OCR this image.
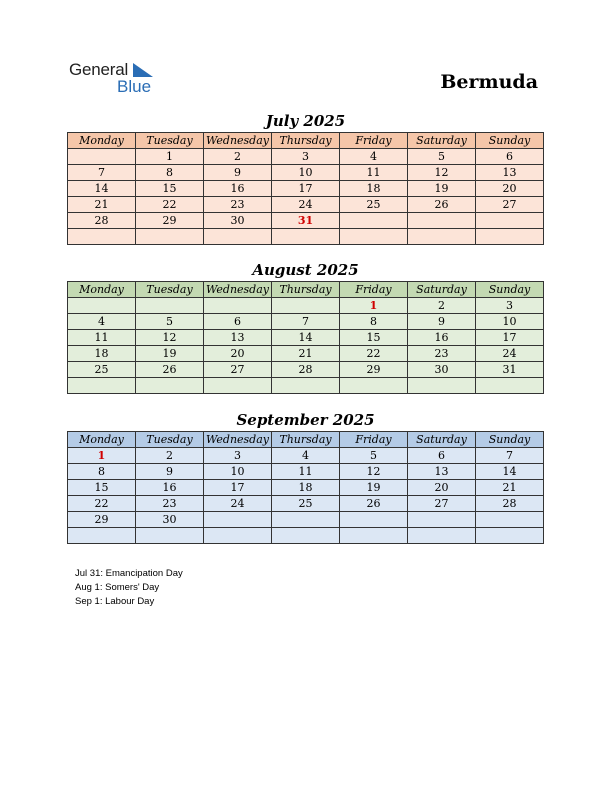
General
Blue	Bermuda
July 2025
Monday	Tuesday	Wednesday	Thursday	Friday	Saturday	Sunday
	1	2	3	4	5	6
7	8	9	10	11	12	13
14	15	16	17	18	19	20
21	22	23	24	25	26	27
28	29	30	31			

August 2025
Monday	Tuesday	Wednesday	Thursday	Friday	Saturday	Sunday
				1	2	3
4	5	6	7	8	9	10
11	12	13	14	15	16	17
18	19	20	21	22	23	24
25	26	27	28	29	30	31

September 2025
Monday	Tuesday	Wednesday	Thursday	Friday	Saturday	Sunday
1	2	3	4	5	6	7
8	9	10	11	12	13	14
15	16	17	18	19	20	21
22	23	24	25	26	27	28
29	30					

Jul 31: Emancipation Day
Aug 1: Somers' Day
Sep 1: Labour Day
